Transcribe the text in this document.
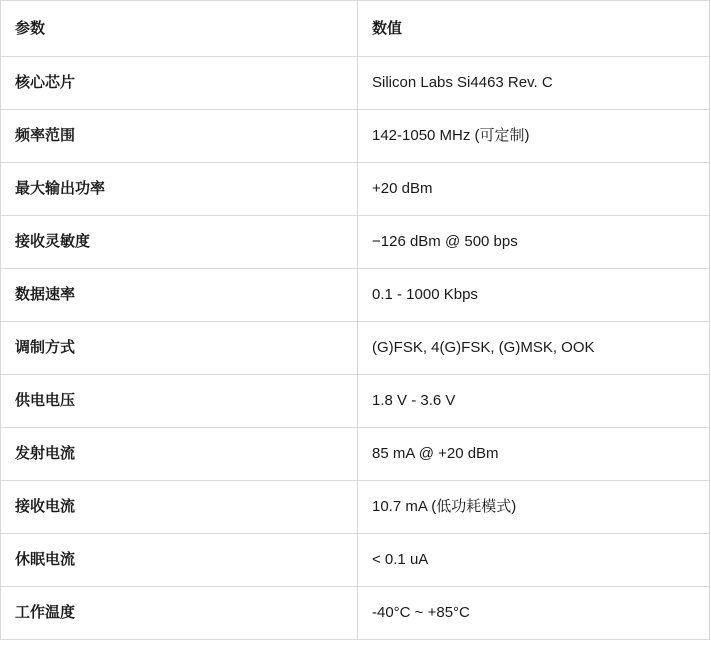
参数	数值
核心芯片	Silicon Labs Si4463 Rev. C
频率范围	142-1050 MHz (可定制)
最大输出功率	+20 dBm
接收灵敏度	−126 dBm @ 500 bps
数据速率	0.1 - 1000 Kbps
调制方式	(G)FSK, 4(G)FSK, (G)MSK, OOK
供电电压	1.8 V - 3.6 V
发射电流	85 mA @ +20 dBm
接收电流	10.7 mA (低功耗模式)
休眠电流	< 0.1 uA
工作温度	-40°C ~ +85°C
